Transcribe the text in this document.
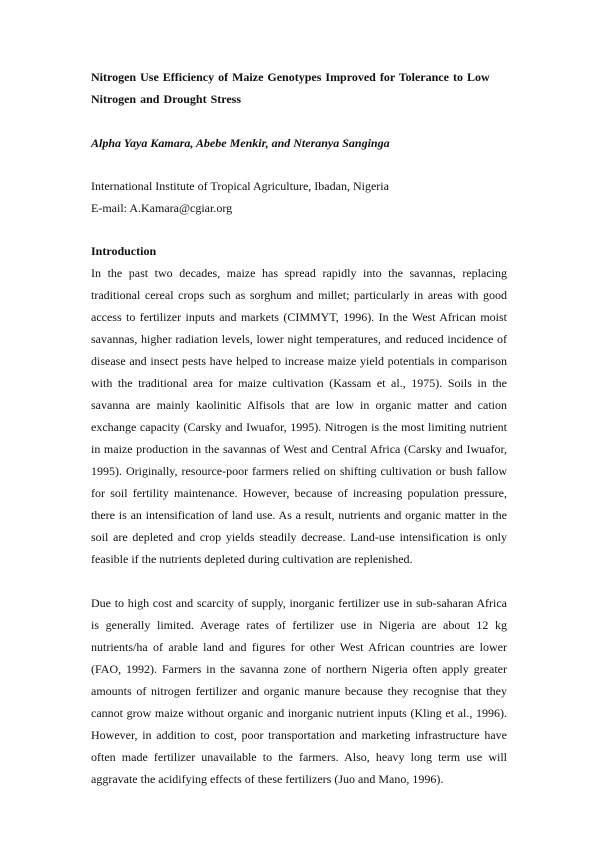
Nitrogen Use Efficiency of Maize Genotypes Improved for Tolerance to Low
Nitrogen and Drought Stress
Alpha Yaya Kamara, Abebe Menkir, and Nteranya Sanginga
International Institute of Tropical Agriculture, Ibadan, Nigeria
E-mail: A.Kamara@cgiar.org
Introduction

In the past two decades, maize has spread rapidly into the savannas, replacing traditional cereal crops such as sorghum and millet; particularly in areas with good access to fertilizer inputs and markets (CIMMYT, 1996). In the West African moist savannas, higher radiation levels, lower night temperatures, and reduced incidence of disease and insect pests have helped to increase maize yield potentials in comparison with the traditional area for maize cultivation (Kassam et al., 1975). Soils in the savanna are mainly kaolinitic Alfisols that are low in organic matter and cation exchange capacity (Carsky and Iwuafor, 1995). Nitrogen is the most limiting nutrient in maize production in the savannas of West and Central Africa (Carsky and Iwuafor, 1995). Originally, resource-poor farmers relied on shifting cultivation or bush fallow for soil fertility maintenance. However, because of increasing population pressure, there is an intensification of land use. As a result, nutrients and organic matter in the soil are depleted and crop yields steadily decrease. Land-use intensification is only feasible if the nutrients depleted during cultivation are replenished.

Due to high cost and scarcity of supply, inorganic fertilizer use in sub-saharan Africa is generally limited. Average rates of fertilizer use in Nigeria are about 12 kg nutrients/ha of arable land and figures for other West African countries are lower (FAO, 1992). Farmers in the savanna zone of northern Nigeria often apply greater amounts of nitrogen fertilizer and organic manure because they recognise that they cannot grow maize without organic and inorganic nutrient inputs (Kling et al., 1996). However, in addition to cost, poor transportation and marketing infrastructure have often made fertilizer unavailable to the farmers. Also, heavy long term use will aggravate the acidifying effects of these fertilizers (Juo and Mano, 1996).
